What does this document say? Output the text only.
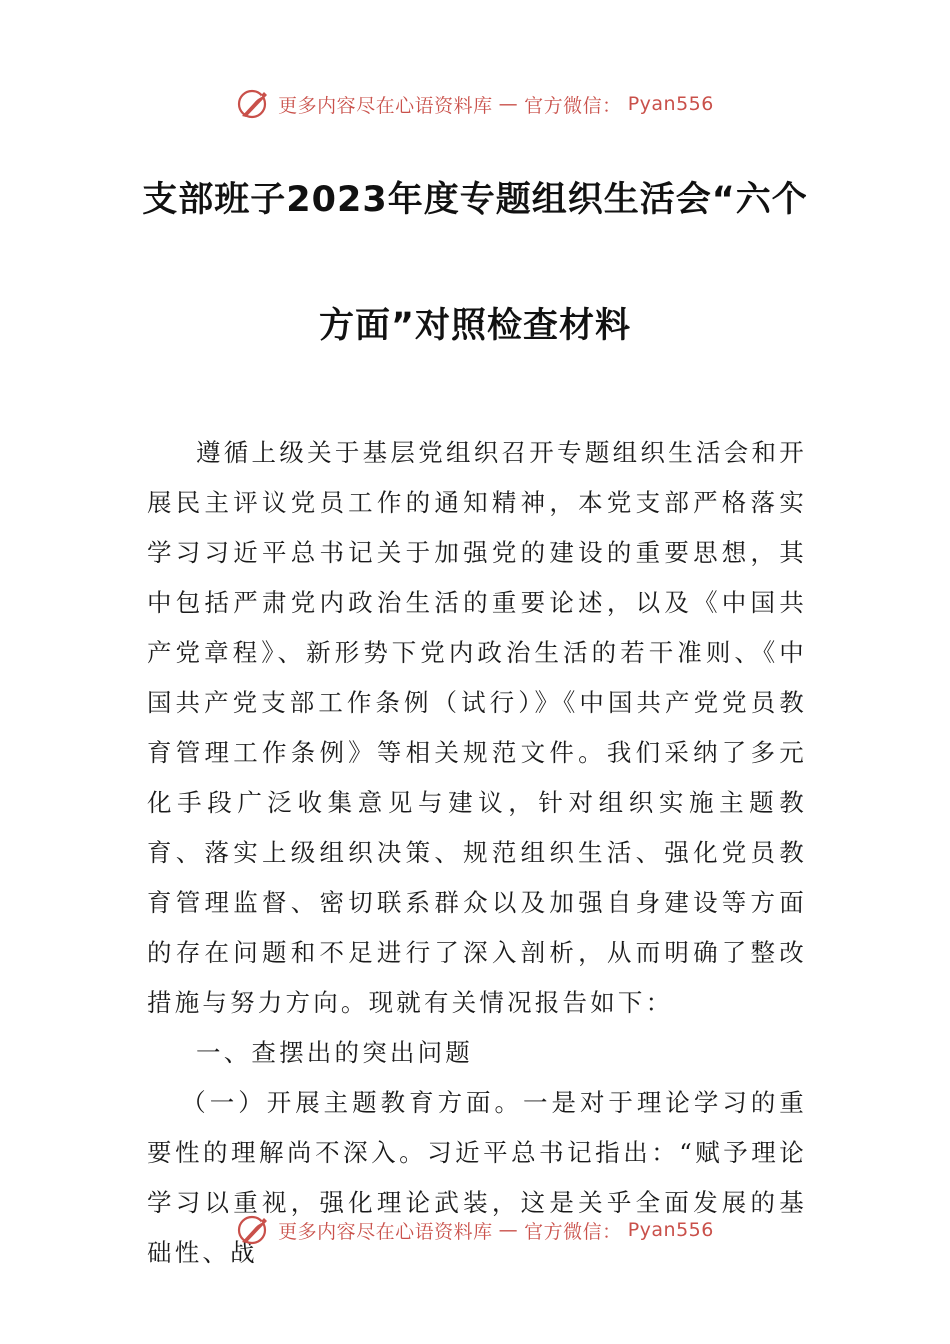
更多内容尽在心语资料库 — 官方微信： Pyan556
支部班子2023年度专题组织生活会“六个
方面”对照检查材料

遵循上级关于基层党组织召开专题组织生活会和开展民主评议党员工作的通知精神，本党支部严格落实学习习近平总书记关于加强党的建设的重要思想，其中包括严肃党内政治生活的重要论述，以及《中国共产党章程》、新形势下党内政治生活的若干准则、《中国共产党支部工作条例（试行）》《中国共产党党员教育管理工作条例》等相关规范文件。我们采纳了多元化手段广泛收集意见与建议，针对组织实施主题教育、落实上级组织决策、规范组织生活、强化党员教育管理监督、密切联系群众以及加强自身建设等方面的存在问题和不足进行了深入剖析，从而明确了整改措施与努力方向。现就有关情况报告如下：

一、查摆出的突出问题

（一）开展主题教育方面。一是对于理论学习的重要性的理解尚不深入。习近平总书记指出：“赋予理论学习以重视，强化理论武装，这是关乎全面发展的基础性、战

更多内容尽在心语资料库 — 官方微信： Pyan556
